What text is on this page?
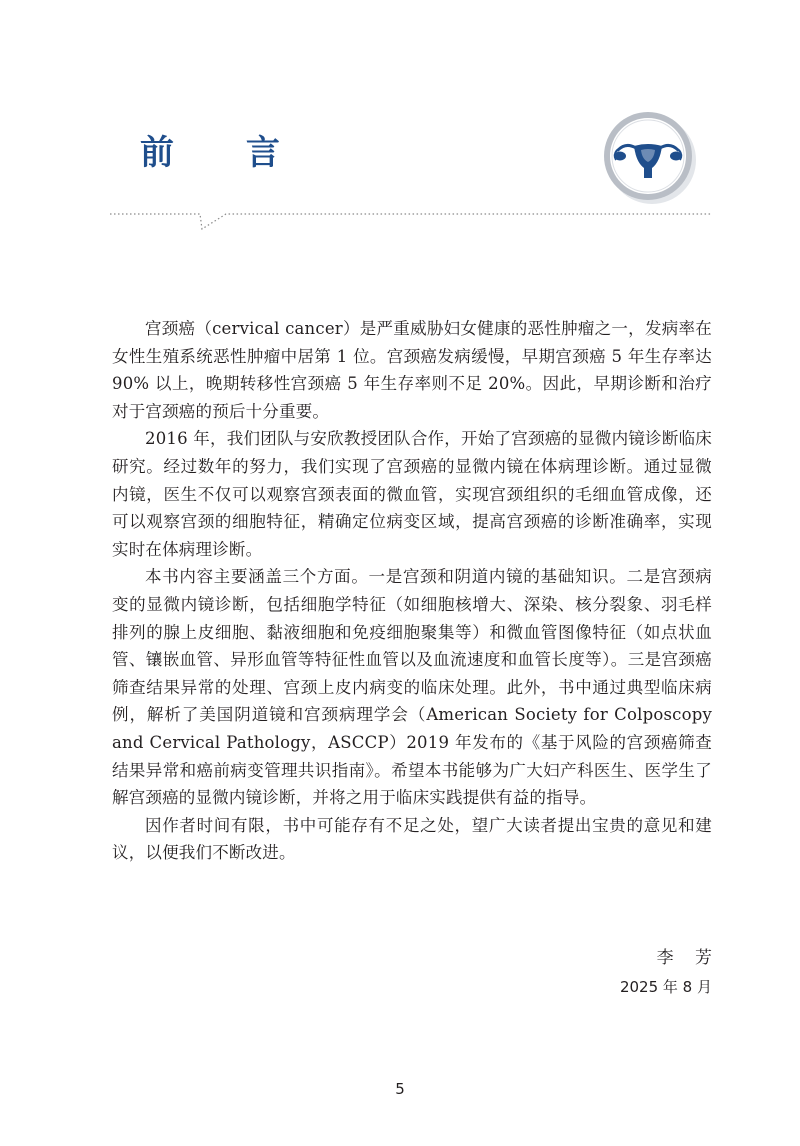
前 言

宫颈癌（cervical cancer）是严重威胁妇女健康的恶性肿瘤之一，发病率在女性生殖系统恶性肿瘤中居第 1 位。宫颈癌发病缓慢，早期宫颈癌 5 年生存率达 90% 以上，晚期转移性宫颈癌 5 年生存率则不足 20%。因此，早期诊断和治疗对于宫颈癌的预后十分重要。

2016 年，我们团队与安欣教授团队合作，开始了宫颈癌的显微内镜诊断临床研究。经过数年的努力，我们实现了宫颈癌的显微内镜在体病理诊断。通过显微内镜，医生不仅可以观察宫颈表面的微血管，实现宫颈组织的毛细血管成像，还可以观察宫颈的细胞特征，精确定位病变区域，提高宫颈癌的诊断准确率，实现实时在体病理诊断。

本书内容主要涵盖三个方面。一是宫颈和阴道内镜的基础知识。二是宫颈病变的显微内镜诊断，包括细胞学特征（如细胞核增大、深染、核分裂象、羽毛样排列的腺上皮细胞、黏液细胞和免疫细胞聚集等）和微血管图像特征（如点状血管、镶嵌血管、异形血管等特征性血管以及血流速度和血管长度等）。三是宫颈癌筛查结果异常的处理、宫颈上皮内病变的临床处理。此外，书中通过典型临床病例，解析了美国阴道镜和宫颈病理学会（American Society for Colposcopy and Cervical Pathology，ASCCP）2019 年发布的《基于风险的宫颈癌筛查结果异常和癌前病变管理共识指南》。希望本书能够为广大妇产科医生、医学生了解宫颈癌的显微内镜诊断，并将之用于临床实践提供有益的指导。

因作者时间有限，书中可能存有不足之处，望广大读者提出宝贵的意见和建议，以便我们不断改进。

李 芳
2025 年 8 月
5
